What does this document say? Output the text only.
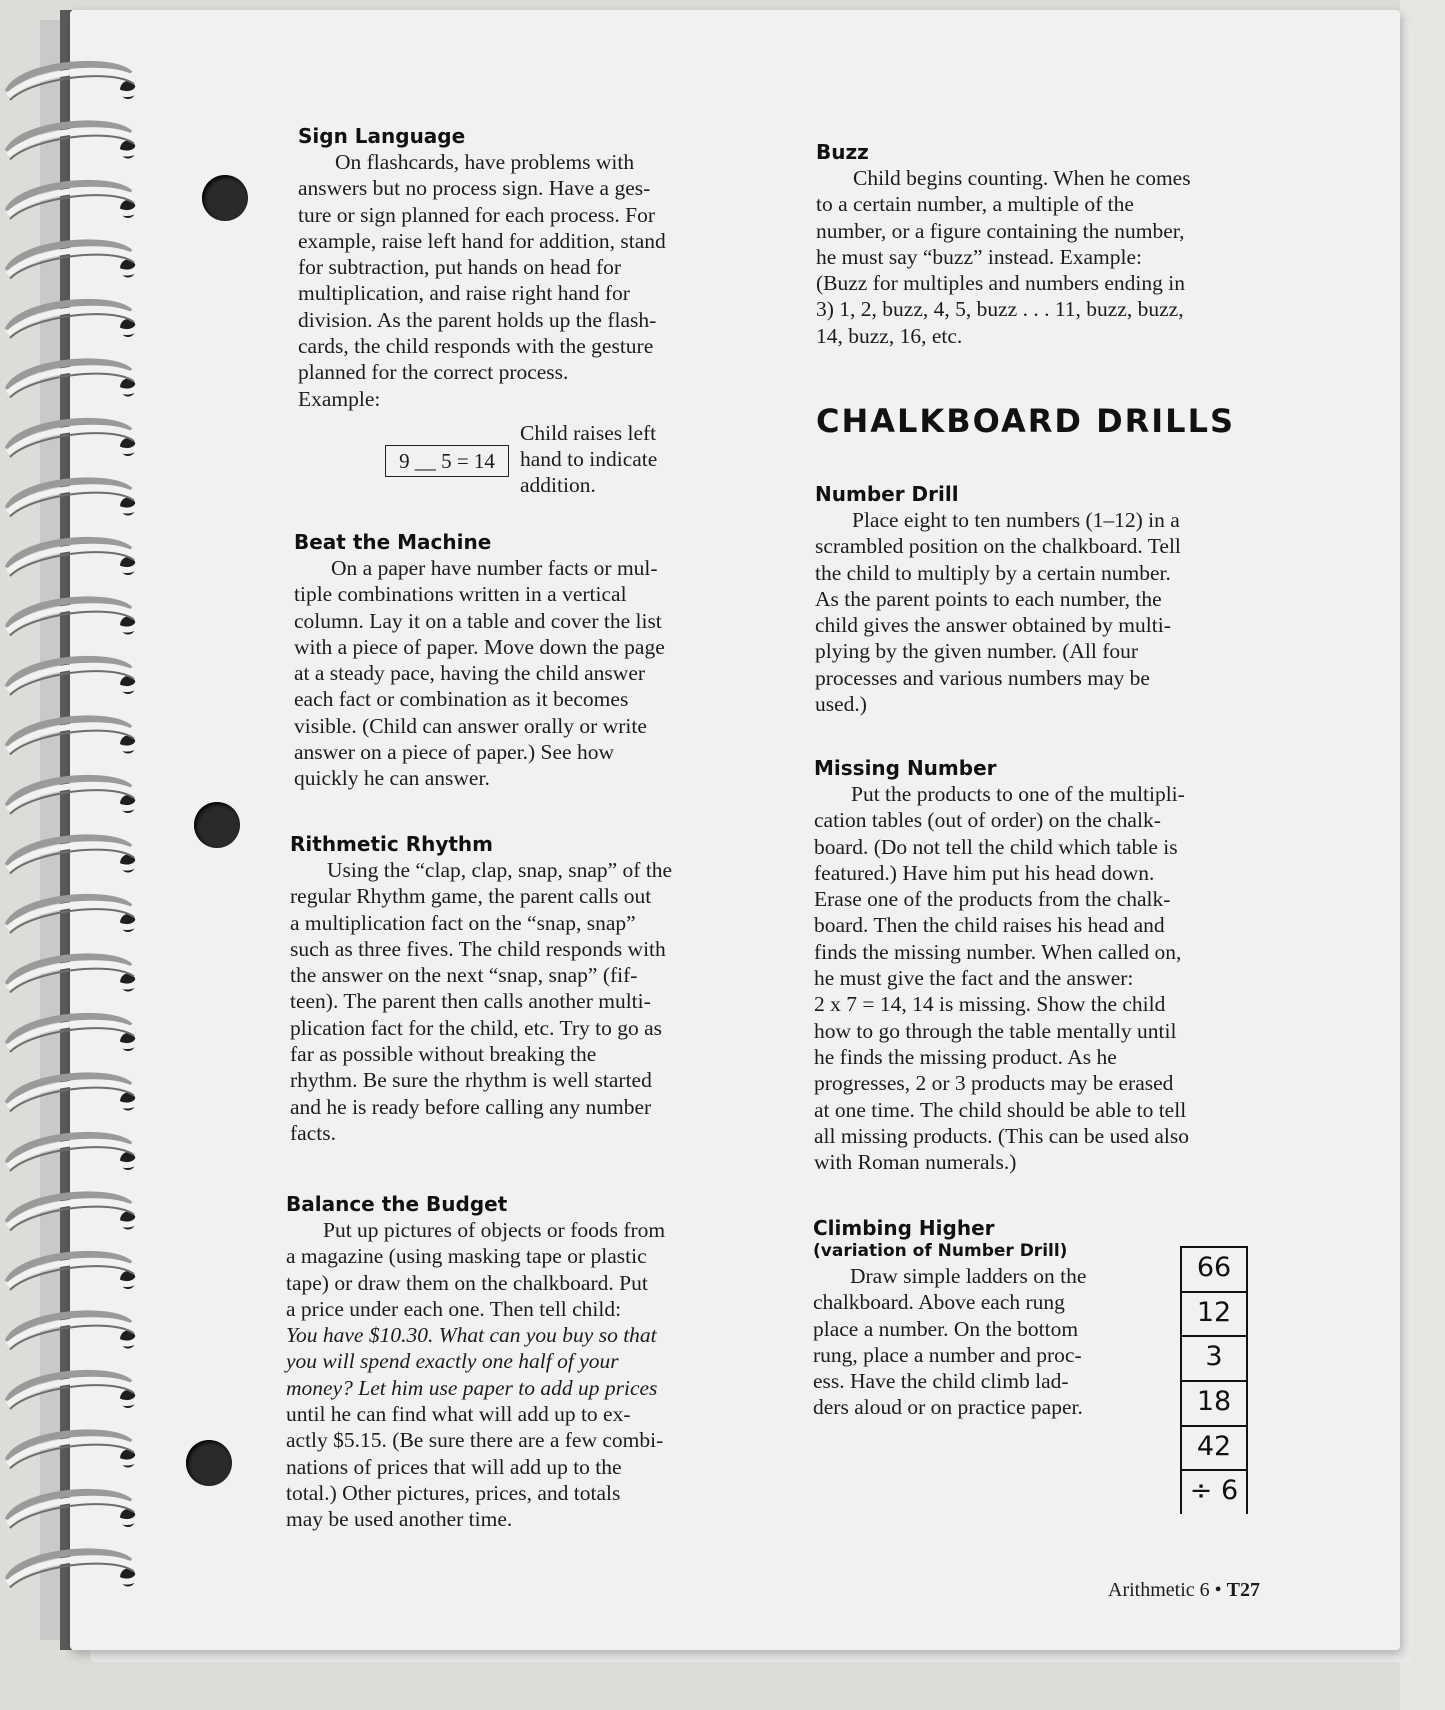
Sign Language

On flashcards, have problems with

answers but no process sign. Have a ges-

ture or sign planned for each process. For

example, raise left hand for addition, stand

for subtraction, put hands on head for

multiplication, and raise right hand for

division. As the parent holds up the flash-

cards, the child responds with the gesture

planned for the correct process.

Example:

9 __ 5 = 14

Child raises left

hand to indicate

addition.

Beat the Machine

On a paper have number facts or mul-

tiple combinations written in a vertical

column. Lay it on a table and cover the list

with a piece of paper. Move down the page

at a steady pace, having the child answer

each fact or combination as it becomes

visible. (Child can answer orally or write

answer on a piece of paper.) See how

quickly he can answer.

Rithmetic Rhythm

Using the “clap, clap, snap, snap” of the

regular Rhythm game, the parent calls out

a multiplication fact on the “snap, snap”

such as three fives. The child responds with

the answer on the next “snap, snap” (fif-

teen). The parent then calls another multi-

plication fact for the child, etc. Try to go as

far as possible without breaking the

rhythm. Be sure the rhythm is well started

and he is ready before calling any number

facts.

Balance the Budget

Put up pictures of objects or foods from

a magazine (using masking tape or plastic

tape) or draw them on the chalkboard. Put

a price under each one. Then tell child:

You have $10.30. What can you buy so that

you will spend exactly one half of your

money? Let him use paper to add up prices

until he can find what will add up to ex-

actly $5.15. (Be sure there are a few combi-

nations of prices that will add up to the

total.) Other pictures, prices, and totals

may be used another time.

Buzz

Child begins counting. When he comes

to a certain number, a multiple of the

number, or a figure containing the number,

he must say “buzz” instead. Example:

(Buzz for multiples and numbers ending in

3) 1, 2, buzz, 4, 5, buzz . . . 11, buzz, buzz,

14, buzz, 16, etc.

CHALKBOARD DRILLS

Number Drill

Place eight to ten numbers (1–12) in a

scrambled position on the chalkboard. Tell

the child to multiply by a certain number.

As the parent points to each number, the

child gives the answer obtained by multi-

plying by the given number. (All four

processes and various numbers may be

used.)

Missing Number

Put the products to one of the multipli-

cation tables (out of order) on the chalk-

board. (Do not tell the child which table is

featured.) Have him put his head down.

Erase one of the products from the chalk-

board. Then the child raises his head and

finds the missing number. When called on,

he must give the fact and the answer:

2 x 7 = 14, 14 is missing. Show the child

how to go through the table mentally until

he finds the missing product. As he

progresses, 2 or 3 products may be erased

at one time. The child should be able to tell

all missing products. (This can be used also

with Roman numerals.)

Climbing Higher

(variation of Number Drill)

Draw simple ladders on the

chalkboard. Above each rung

place a number. On the bottom

rung, place a number and proc-

ess. Have the child climb lad-

ders aloud or on practice paper.

66
12
3
18
42
÷ 6
Arithmetic 6 • T27
